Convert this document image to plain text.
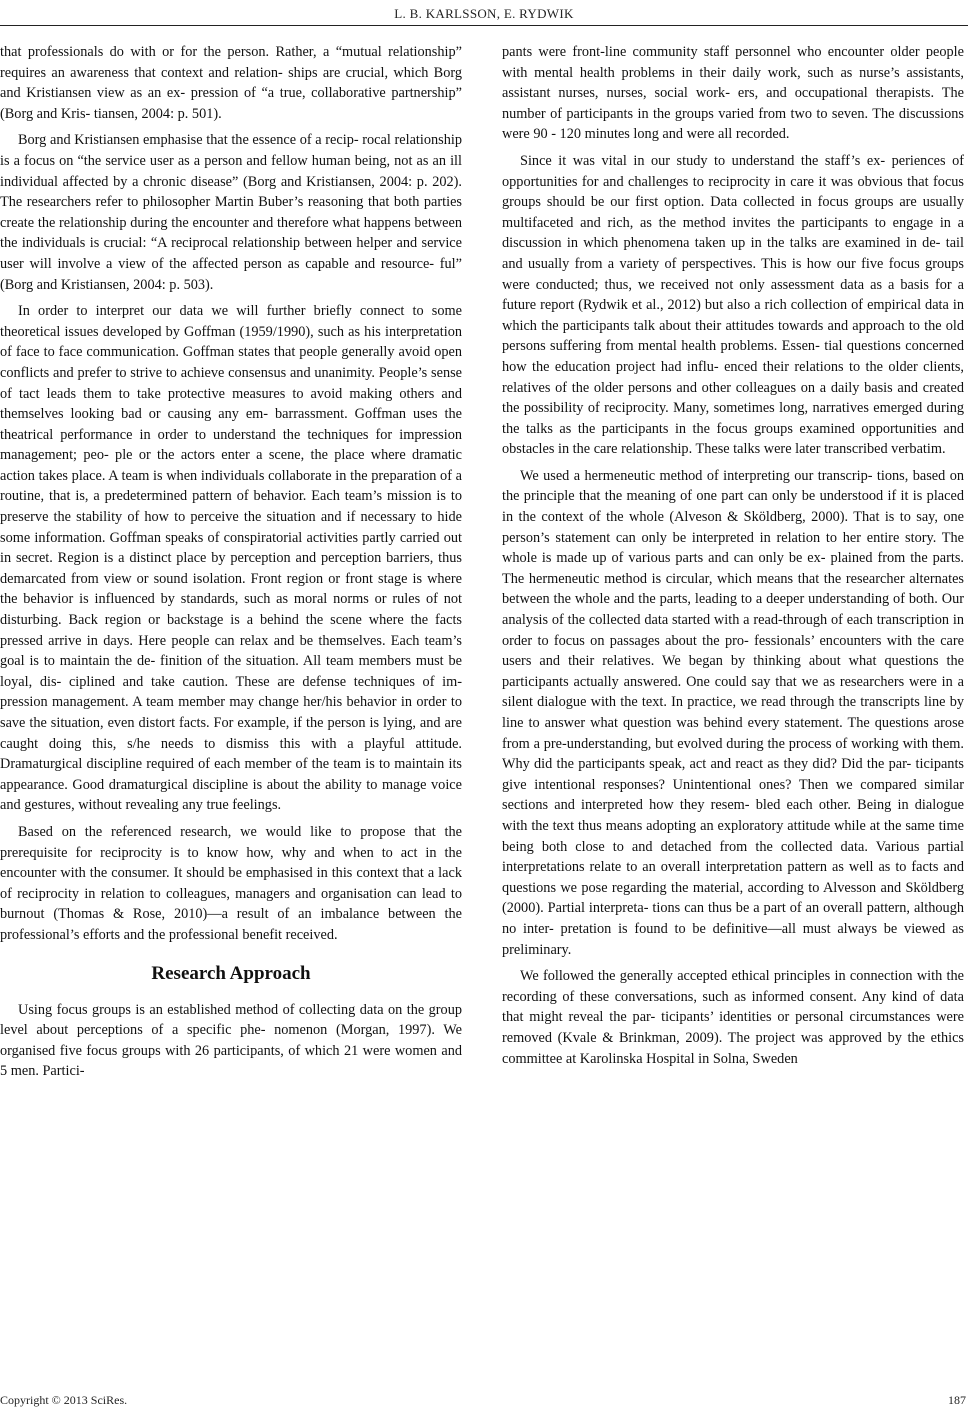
L. B. KARLSSON, E. RYDWIK

that professionals do with or for the person. Rather, a “mutual relationship” requires an awareness that context and relation- ships are crucial, which Borg and Kristiansen view as an ex- pression of “a true, collaborative partnership” (Borg and Kris- tiansen, 2004: p. 501).

Borg and Kristiansen emphasise that the essence of a recip- rocal relationship is a focus on “the service user as a person and fellow human being, not as an ill individual affected by a chronic disease” (Borg and Kristiansen, 2004: p. 202). The researchers refer to philosopher Martin Buber’s reasoning that both parties create the relationship during the encounter and therefore what happens between the individuals is crucial: “A reciprocal relationship between helper and service user will involve a view of the affected person as capable and resource- ful” (Borg and Kristiansen, 2004: p. 503).

In order to interpret our data we will further briefly connect to some theoretical issues developed by Goffman (1959/1990), such as his interpretation of face to face communication. Goffman states that people generally avoid open conflicts and prefer to strive to achieve consensus and unanimity. People’s sense of tact leads them to take protective measures to avoid making others and themselves looking bad or causing any em- barrassment. Goffman uses the theatrical performance in order to understand the techniques for impression management; peo- ple or the actors enter a scene, the place where dramatic action takes place. A team is when individuals collaborate in the preparation of a routine, that is, a predetermined pattern of behavior. Each team’s mission is to preserve the stability of how to perceive the situation and if necessary to hide some information. Goffman speaks of conspiratorial activities partly carried out in secret. Region is a distinct place by perception and perception barriers, thus demarcated from view or sound isolation. Front region or front stage is where the behavior is influenced by standards, such as moral norms or rules of not disturbing. Back region or backstage is a behind the scene where the facts pressed arrive in days. Here people can relax and be themselves. Each team’s goal is to maintain the de- finition of the situation. All team members must be loyal, dis- ciplined and take caution. These are defense techniques of im- pression management. A team member may change her/his behavior in order to save the situation, even distort facts. For example, if the person is lying, and are caught doing this, s/he needs to dismiss this with a playful attitude. Dramaturgical discipline required of each member of the team is to maintain its appearance. Good dramaturgical discipline is about the ability to manage voice and gestures, without revealing any true feelings.

Based on the referenced research, we would like to propose that the prerequisite for reciprocity is to know how, why and when to act in the encounter with the consumer. It should be emphasised in this context that a lack of reciprocity in relation to colleagues, managers and organisation can lead to burnout (Thomas & Rose, 2010)—a result of an imbalance between the professional’s efforts and the professional benefit received.

Research Approach

Using focus groups is an established method of collecting data on the group level about perceptions of a specific phe- nomenon (Morgan, 1997). We organised five focus groups with 26 participants, of which 21 were women and 5 men. Partici-

pants were front-line community staff personnel who encounter older people with mental health problems in their daily work, such as nurse’s assistants, assistant nurses, nurses, social work- ers, and occupational therapists. The number of participants in the groups varied from two to seven. The discussions were 90 - 120 minutes long and were all recorded.

Since it was vital in our study to understand the staff’s ex- periences of opportunities for and challenges to reciprocity in care it was obvious that focus groups should be our first option. Data collected in focus groups are usually multifaceted and rich, as the method invites the participants to engage in a discussion in which phenomena taken up in the talks are examined in de- tail and usually from a variety of perspectives. This is how our five focus groups were conducted; thus, we received not only assessment data as a basis for a future report (Rydwik et al., 2012) but also a rich collection of empirical data in which the participants talk about their attitudes towards and approach to the old persons suffering from mental health problems. Essen- tial questions concerned how the education project had influ- enced their relations to the older clients, relatives of the older persons and other colleagues on a daily basis and created the possibility of reciprocity. Many, sometimes long, narratives emerged during the talks as the participants in the focus groups examined opportunities and obstacles in the care relationship. These talks were later transcribed verbatim.

We used a hermeneutic method of interpreting our transcrip- tions, based on the principle that the meaning of one part can only be understood if it is placed in the context of the whole (Alveson & Sköldberg, 2000). That is to say, one person’s statement can only be interpreted in relation to her entire story. The whole is made up of various parts and can only be ex- plained from the parts. The hermeneutic method is circular, which means that the researcher alternates between the whole and the parts, leading to a deeper understanding of both. Our analysis of the collected data started with a read-through of each transcription in order to focus on passages about the pro- fessionals’ encounters with the care users and their relatives. We began by thinking about what questions the participants actually answered. One could say that we as researchers were in a silent dialogue with the text. In practice, we read through the transcripts line by line to answer what question was behind every statement. The questions arose from a pre-understanding, but evolved during the process of working with them. Why did the participants speak, act and react as they did? Did the par- ticipants give intentional responses? Unintentional ones? Then we compared similar sections and interpreted how they resem- bled each other. Being in dialogue with the text thus means adopting an exploratory attitude while at the same time being both close to and detached from the collected data. Various partial interpretations relate to an overall interpretation pattern as well as to facts and questions we pose regarding the material, according to Alvesson and Sköldberg (2000). Partial interpreta- tions can thus be a part of an overall pattern, although no inter- pretation is found to be definitive—all must always be viewed as preliminary.

We followed the generally accepted ethical principles in connection with the recording of these conversations, such as informed consent. Any kind of data that might reveal the par- ticipants’ identities or personal circumstances were removed (Kvale & Brinkman, 2009). The project was approved by the ethics committee at Karolinska Hospital in Solna, Sweden

Copyright © 2013 SciRes.	187
